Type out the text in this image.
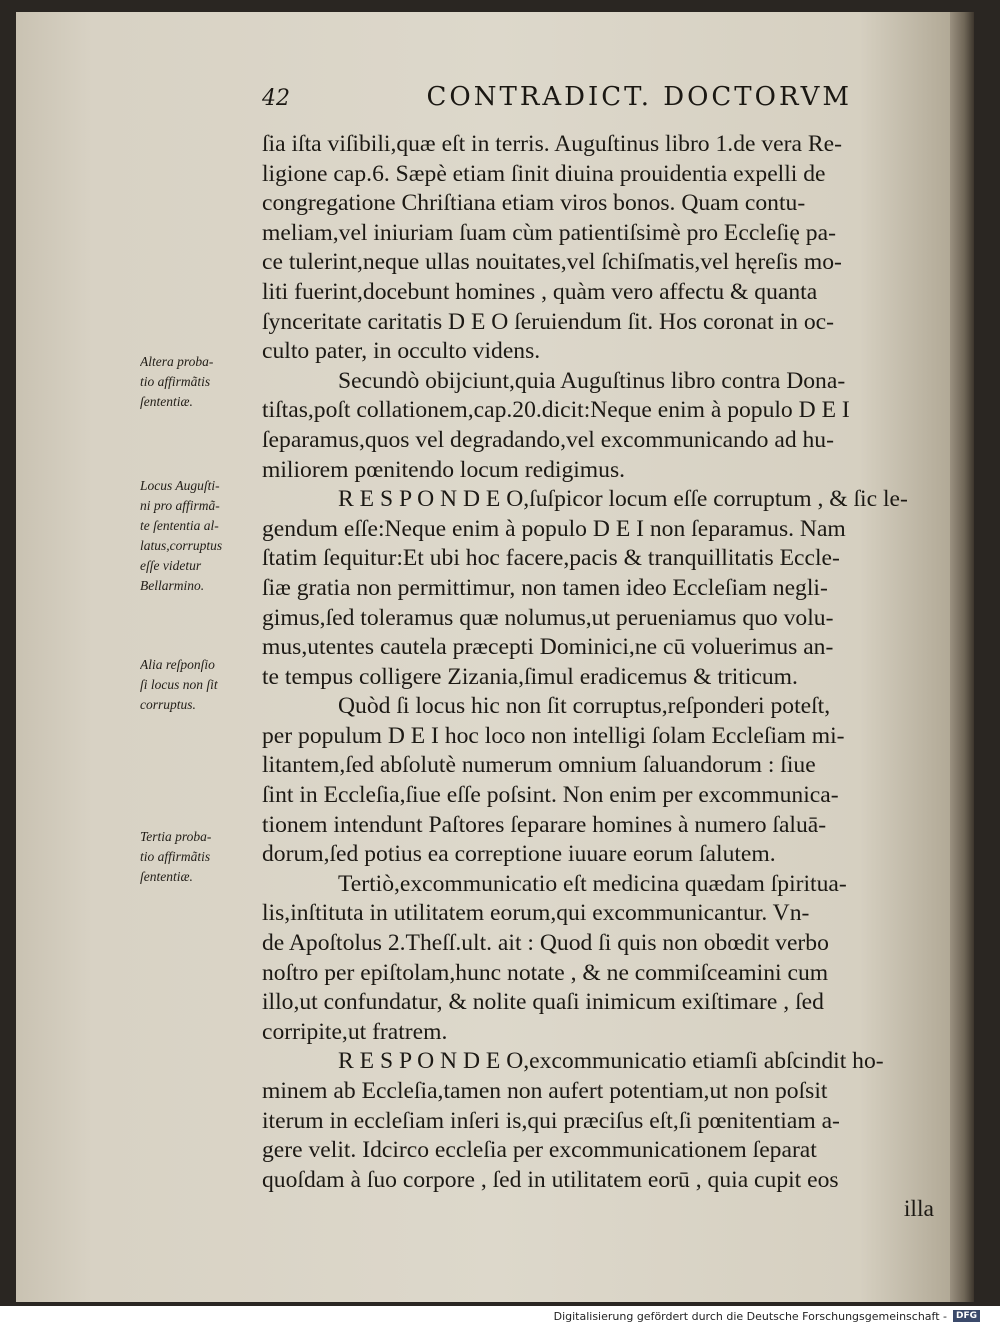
42	CONTRADICT. DOCTORVM
ſia iſta viſibili,quæ eſt in terris. Auguſtinus libro 1.de vera Re-
ligione cap.6. Sæpè etiam ſinit diuina prouidentia expelli de
congregatione Chriſtiana etiam viros bonos. Quam contu-
meliam,vel iniuriam ſuam cùm patientiſsimè pro Eccleſię pa-
ce tulerint,neque ullas nouitates,vel ſchiſmatis,vel hęreſis mo-
liti fuerint,docebunt homines , quàm vero affectu & quanta
ſynceritate caritatis D E O ſeruiendum ſit. Hos coronat in oc-
culto pater, in occulto videns.
Secundò obijciunt,quia Auguſtinus libro contra Dona-
tiſtas,poſt collationem,cap.20.dicit:Neque enim à populo D E I
ſeparamus,quos vel degradando,vel excommunicando ad hu-
miliorem pœnitendo locum redigimus.
R E S P O N D E O,ſuſpicor locum eſſe corruptum , & ſic le-
gendum eſſe:Neque enim à populo D E I non ſeparamus. Nam
ſtatim ſequitur:Et ubi hoc facere,pacis & tranquillitatis Eccle-
ſiæ gratia non permittimur, non tamen ideo Eccleſiam negli-
gimus,ſed toleramus quæ nolumus,ut perueniamus quo volu-
mus,utentes cautela præcepti Dominici,ne cū voluerimus an-
te tempus colligere Zizania,ſimul eradicemus & triticum.
Quòd ſi locus hic non ſit corruptus,reſponderi poteſt,
per populum D E I hoc loco non intelligi ſolam Eccleſiam mi-
litantem,ſed abſolutè numerum omnium ſaluandorum : ſiue
ſint in Eccleſia,ſiue eſſe poſsint. Non enim per excommunica-
tionem intendunt Paſtores ſeparare homines à numero ſaluā-
dorum,ſed potius ea correptione iuuare eorum ſalutem.
Tertiò,excommunicatio eſt medicina quædam ſpiritua-
lis,inſtituta in utilitatem eorum,qui excommunicantur. Vn-
de Apoſtolus 2.Theſſ.ult. ait : Quod ſi quis non obœdit verbo
noſtro per epiſtolam,hunc notate , & ne commiſceamini cum
illo,ut confundatur, & nolite quaſi inimicum exiſtimare , ſed
corripite,ut fratrem.
R E S P O N D E O,excommunicatio etiamſi abſcindit ho-
minem ab Eccleſia,tamen non aufert potentiam,ut non poſsit
iterum in eccleſiam inſeri is,qui præciſus eſt,ſi pœnitentiam a-
gere velit. Idcirco eccleſia per excommunicationem ſeparat
quoſdam à ſuo corpore , ſed in utilitatem eorū , quia cupit eos
illa
Altera proba-
tio affirmãtis
ſententiæ.
Locus Auguſti-
ni pro affirmã-
te ſententia al-
latus,corruptus
eſſe videtur
Bellarmino.
Alia reſponſio
ſi locus non ſit
corruptus.
Tertia proba-
tio affirmãtis
ſententiæ.
Digitalisierung gefördert durch die Deutsche Forschungsgemeinschaft -	DFG
